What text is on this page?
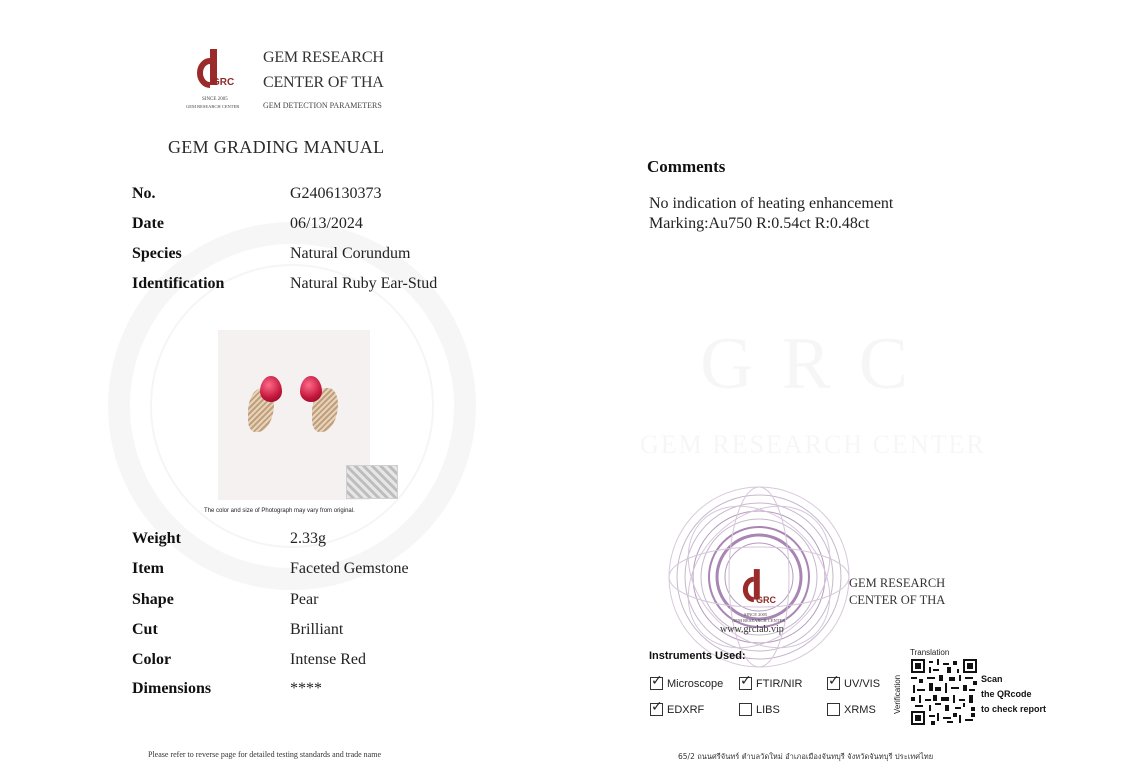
GRC
SINCE 2005
GEM RESEARCH CENTER
GEM RESEARCH
CENTER OF THA
GEM DETECTION PARAMETERS
GEM GRADING MANUAL
No.	G2406130373
Date	06/13/2024
Species	Natural Corundum
Identification	Natural Ruby Ear-Stud
The color and size of Photograph may vary from original.
Weight	2.33g
Item	Faceted Gemstone
Shape	Pear
Cut	Brilliant
Color	Intense Red
Dimensions	****
Please refer to reverse page for detailed testing standards and trade name
Comments
No indication of heating enhancement
Marking:Au750 R:0.54ct R:0.48ct
GRC
SINCE 2005
GEM RESEARCH CENTER
www.grclab.vip
GEM RESEARCH
CENTER OF THA
Instruments Used:
✓Microscope ✓	FTIR/NIR ✓	UV/VIS
✓EDXRF	LIBS	XRMS Verification
Translation
Scan
the QRcode
to check report
65/2 ถนนศรีจันทร์ ตำบลวัดใหม่ อำเภอเมืองจันทบุรี จังหวัดจันทบุรี ประเทศไทย
